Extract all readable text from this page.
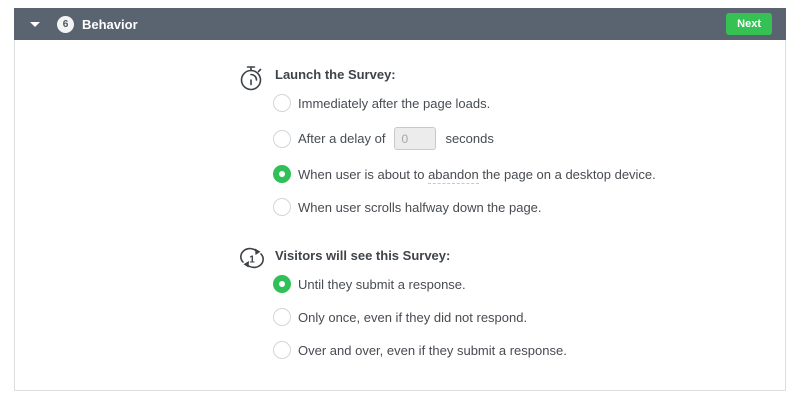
6 Behavior	Next
Launch the Survey:
Immediately after the page loads.
After a delay of
0	seconds
When user is about to abandon the page on a desktop device.
When user scrolls halfway down the page.
1 Visitors will see this Survey:
Until they submit a response.
Only once, even if they did not respond.
Over and over, even if they submit a response.
